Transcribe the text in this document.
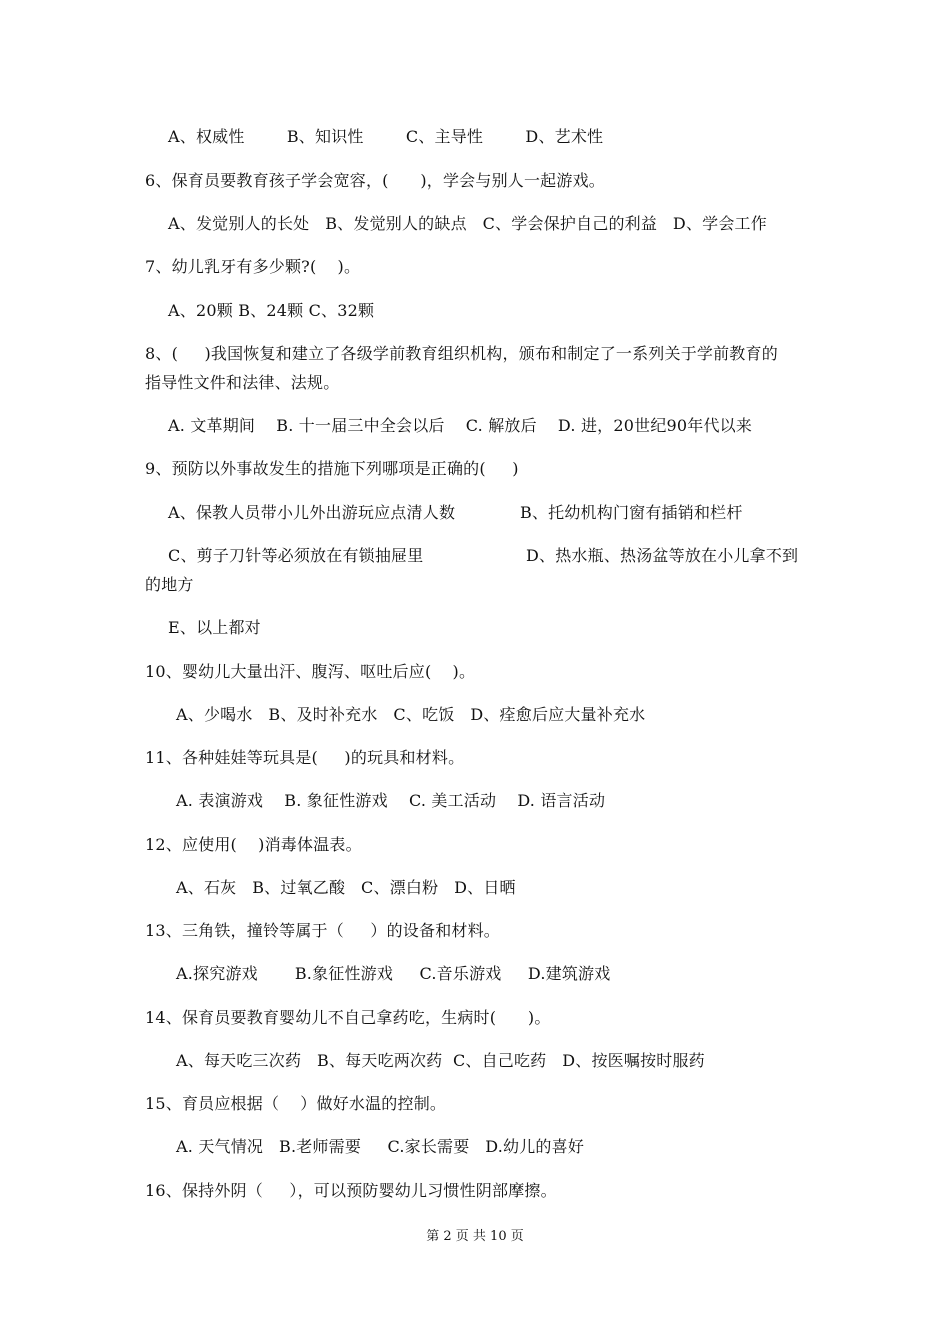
A、权威性        B、知识性        C、主导性        D、艺术性
6、保育员要教育孩子学会宽容，(      )，学会与别人一起游戏。
A、发觉别人的长处   B、发觉别人的缺点   C、学会保护自己的利益   D、学会工作
7、幼儿乳牙有多少颗?(    )。
A、20颗 B、24颗 C、32颗
8、(     )我国恢复和建立了各级学前教育组织机构，颁布和制定了一系列关于学前教育的
指导性文件和法律、法规。
A. 文革期间    B. 十一届三中全会以后    C. 解放后    D. 进，20世纪90年代以来
9、预防以外事故发生的措施下列哪项是正确的(     )
A、保教人员带小儿外出游玩应点清人数	B、托幼机构门窗有插销和栏杆
C、剪子刀针等必须放在有锁抽屉里	D、热水瓶、热汤盆等放在小儿拿不到
的地方
E、以上都对
10、婴幼儿大量出汗、腹泻、呕吐后应(    )。
A、少喝水   B、及时补充水   C、吃饭   D、痊愈后应大量补充水
11、各种娃娃等玩具是(     )的玩具和材料。
A. 表演游戏    B. 象征性游戏    C. 美工活动    D. 语言活动
12、应使用(    )消毒体温表。
A、石灰   B、过氧乙酸   C、漂白粉   D、日晒
13、三角铁，撞铃等属于（     ）的设备和材料。
A.探究游戏       B.象征性游戏     C.音乐游戏     D.建筑游戏
14、保育员要教育婴幼儿不自己拿药吃，生病时(      )。
A、每天吃三次药   B、每天吃两次药  C、自己吃药   D、按医嘱按时服药
15、育员应根据（    ）做好水温的控制。
A. 天气情况   B.老师需要     C.家长需要   D.幼儿的喜好
16、保持外阴（     ），可以预防婴幼儿习惯性阴部摩擦。
第 2 页 共 10 页
